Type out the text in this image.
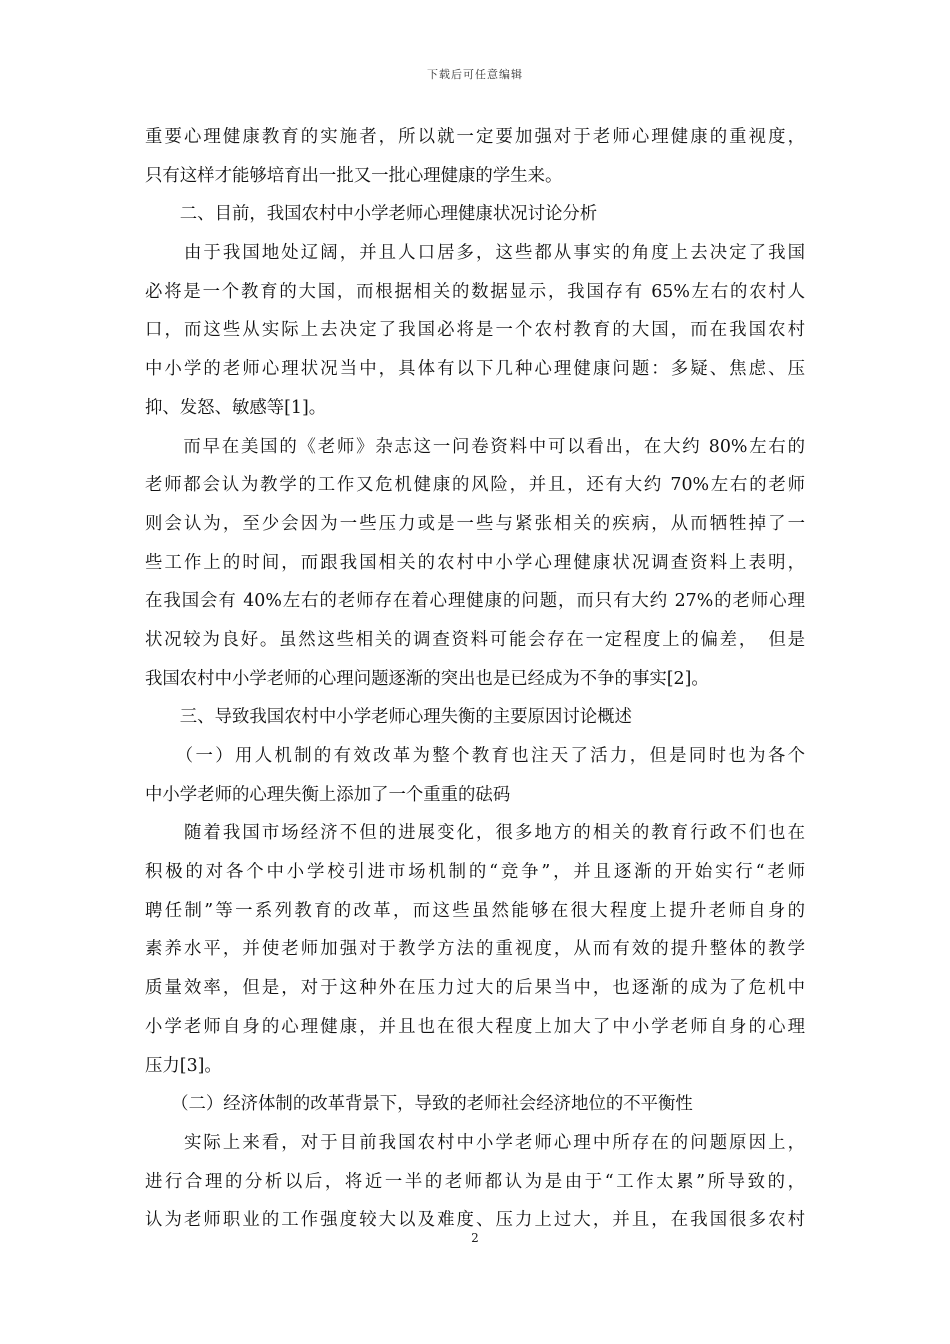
下载后可任意编辑
重要心理健康教育的实施者，所以就一定要加强对于老师心理健康的重视度，
只有这样才能够培育出一批又一批心理健康的学生来。
　　二、目前，我国农村中小学老师心理健康状况讨论分析
　　由于我国地处辽阔，并且人口居多，这些都从事实的角度上去决定了我国
必将是一个教育的大国，而根据相关的数据显示，我国存有 65%左右的农村人
口，而这些从实际上去决定了我国必将是一个农村教育的大国，而在我国农村
中小学的老师心理状况当中，具体有以下几种心理健康问题：多疑、焦虑、压
抑、发怒、敏感等[1]。
　　而早在美国的《老师》杂志这一问卷资料中可以看出，在大约 80%左右的
老师都会认为教学的工作又危机健康的风险，并且，还有大约 70%左右的老师
则会认为，至少会因为一些压力或是一些与紧张相关的疾病，从而牺牲掉了一
些工作上的时间，而跟我国相关的农村中小学心理健康状况调查资料上表明，
在我国会有 40%左右的老师存在着心理健康的问题，而只有大约 27%的老师心理
状况较为良好。虽然这些相关的调查资料可能会存在一定程度上的偏差，　但是
我国农村中小学老师的心理问题逐渐的突出也是已经成为不争的事实[2]。
　　三、导致我国农村中小学老师心理失衡的主要原因讨论概述
　　（一）用人机制的有效改革为整个教育也注天了活力，但是同时也为各个
中小学老师的心理失衡上添加了一个重重的砝码
　　随着我国市场经济不但的进展变化，很多地方的相关的教育行政不们也在
积极的对各个中小学校引进市场机制的“竞争”，并且逐渐的开始实行“老师
聘任制”等一系列教育的改革，而这些虽然能够在很大程度上提升老师自身的
素养水平，并使老师加强对于教学方法的重视度，从而有效的提升整体的教学
质量效率，但是，对于这种外在压力过大的后果当中，也逐渐的成为了危机中
小学老师自身的心理健康，并且也在很大程度上加大了中小学老师自身的心理
压力[3]。
　　（二）经济体制的改革背景下，导致的老师社会经济地位的不平衡性
　　实际上来看，对于目前我国农村中小学老师心理中所存在的问题原因上，
进行合理的分析以后，将近一半的老师都认为是由于“工作太累”所导致的，
认为老师职业的工作强度较大以及难度、压力上过大，并且，在我国很多农村
2
